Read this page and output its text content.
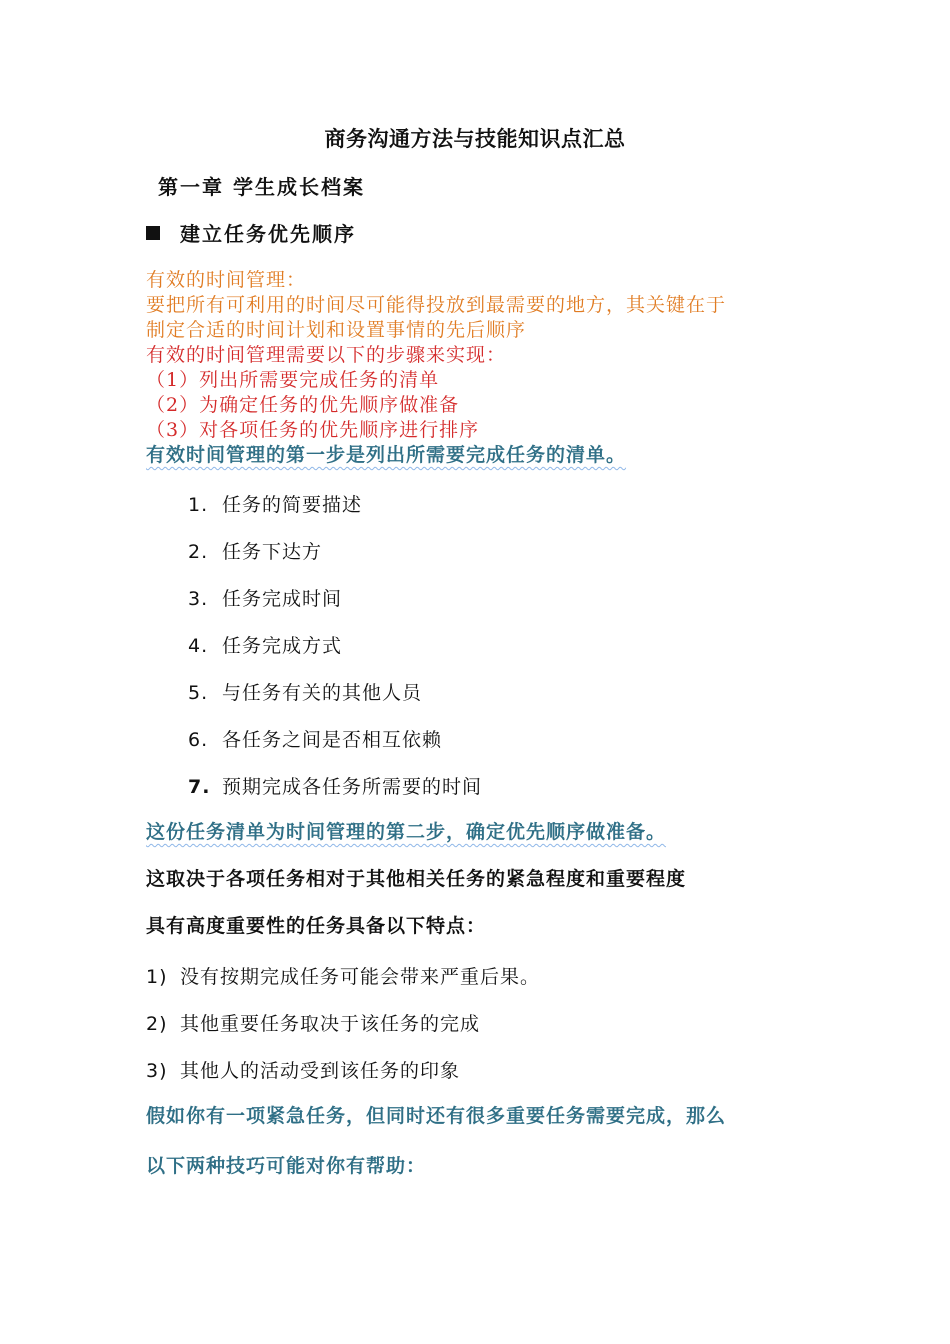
商务沟通方法与技能知识点汇总
第一章 学生成长档案
建立任务优先顺序
有效的时间管理：
要把所有可利用的时间尽可能得投放到最需要的地方，其关键在于
制定合适的时间计划和设置事情的先后顺序
有效的时间管理需要以下的步骤来实现：
（1）列出所需要完成任务的清单
（2）为确定任务的优先顺序做准备
（3）对各项任务的优先顺序进行排序
有效时间管理的第一步是列出所需要完成任务的清单。
1. 任务的简要描述
2. 任务下达方
3. 任务完成时间
4. 任务完成方式
5. 与任务有关的其他人员
6. 各任务之间是否相互依赖
7. 预期完成各任务所需要的时间
这份任务清单为时间管理的第二步，确定优先顺序做准备。
这取决于各项任务相对于其他相关任务的紧急程度和重要程度
具有高度重要性的任务具备以下特点：
1) 没有按期完成任务可能会带来严重后果。
2) 其他重要任务取决于该任务的完成
3) 其他人的活动受到该任务的印象
假如你有一项紧急任务，但同时还有很多重要任务需要完成，那么
以下两种技巧可能对你有帮助：
